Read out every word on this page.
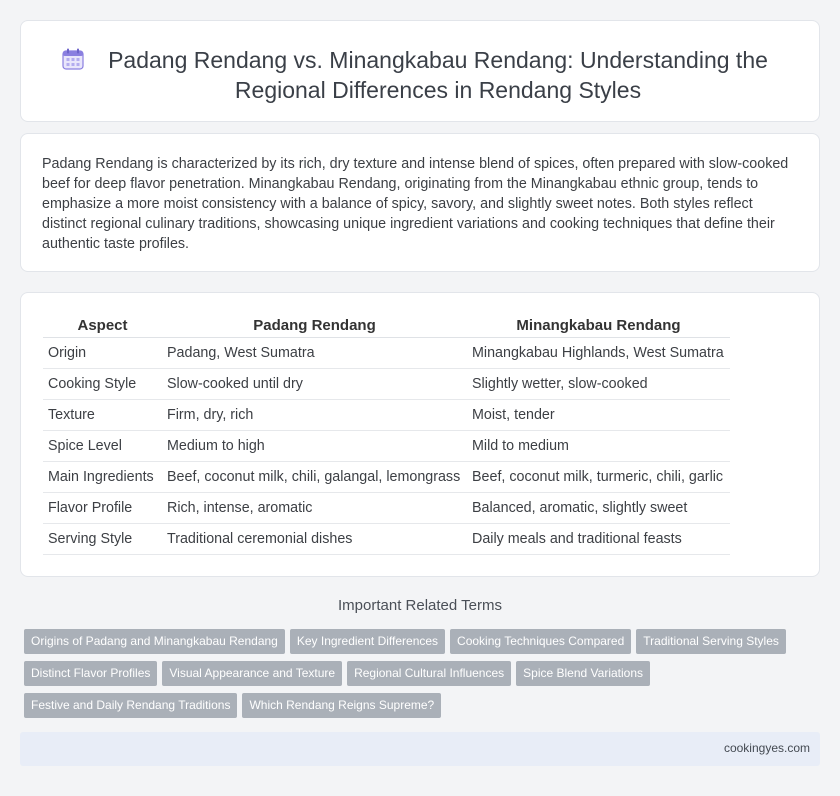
Padang Rendang vs. Minangkabau Rendang: Understanding the Regional Differences in Rendang Styles

Padang Rendang is characterized by its rich, dry texture and intense blend of spices, often prepared with slow-cooked beef for deep flavor penetration. Minangkabau Rendang, originating from the Minangkabau ethnic group, tends to emphasize a more moist consistency with a balance of spicy, savory, and slightly sweet notes. Both styles reflect distinct regional culinary traditions, showcasing unique ingredient variations and cooking techniques that define their authentic taste profiles.

Aspect	Padang Rendang	Minangkabau Rendang
Origin	Padang, West Sumatra	Minangkabau Highlands, West Sumatra
Cooking Style	Slow-cooked until dry	Slightly wetter, slow-cooked
Texture	Firm, dry, rich	Moist, tender
Spice Level	Medium to high	Mild to medium
Main Ingredients	Beef, coconut milk, chili, galangal, lemongrass	Beef, coconut milk, turmeric, chili, garlic
Flavor Profile	Rich, intense, aromatic	Balanced, aromatic, slightly sweet
Serving Style	Traditional ceremonial dishes	Daily meals and traditional feasts
Important Related Terms
Origins of Padang and Minangkabau Rendang Key Ingredient Differences Cooking Techniques Compared Traditional Serving Styles
Distinct Flavor Profiles Visual Appearance and Texture Regional Cultural Influences Spice Blend Variations
Festive and Daily Rendang Traditions Which Rendang Reigns Supreme?
cookingyes.com
